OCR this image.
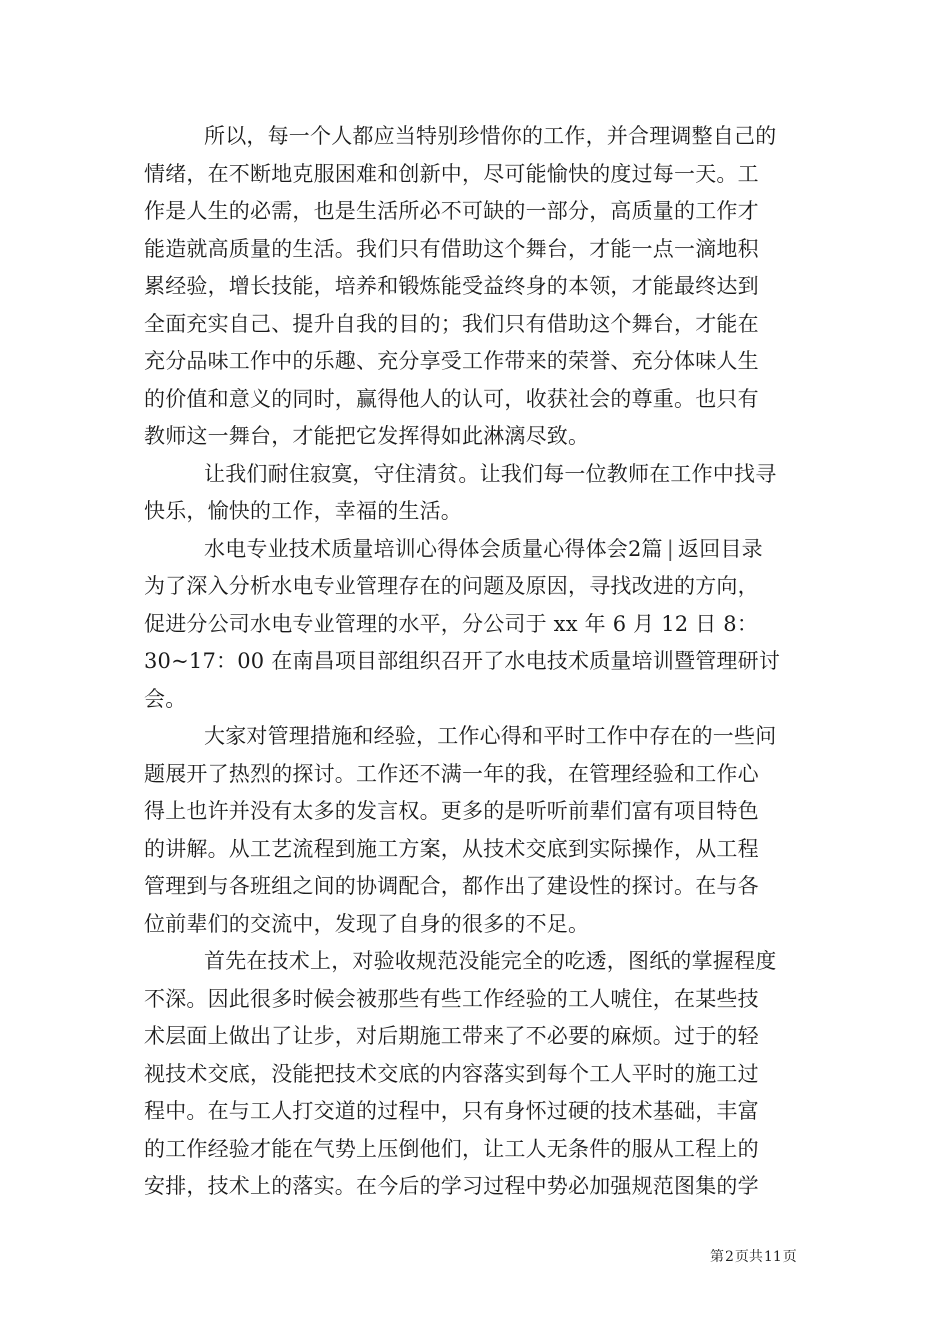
所以，每一个人都应当特别珍惜你的工作，并合理调整自己的
情绪，在不断地克服困难和创新中，尽可能愉快的度过每一天。工
作是人生的必需，也是生活所必不可缺的一部分，高质量的工作才
能造就高质量的生活。我们只有借助这个舞台，才能一点一滴地积
累经验，增长技能，培养和锻炼能受益终身的本领，才能最终达到
全面充实自己、提升自我的目的；我们只有借助这个舞台，才能在
充分品味工作中的乐趣、充分享受工作带来的荣誉、充分体味人生
的价值和意义的同时，赢得他人的认可，收获社会的尊重。也只有
教师这一舞台，才能把它发挥得如此淋漓尽致。
让我们耐住寂寞，守住清贫。让我们每一位教师在工作中找寻
快乐，愉快的工作，幸福的生活。
水电专业技术质量培训心得体会质量心得体会2篇 | 返回目录
为了深入分析水电专业管理存在的问题及原因，寻找改进的方向，
促进分公司水电专业管理的水平，分公司于 xx 年 6 月 12 日 8：
30~17：00 在南昌项目部组织召开了水电技术质量培训暨管理研讨
会。
大家对管理措施和经验，工作心得和平时工作中存在的一些问
题展开了热烈的探讨。工作还不满一年的我，在管理经验和工作心
得上也许并没有太多的发言权。更多的是听听前辈们富有项目特色
的讲解。从工艺流程到施工方案，从技术交底到实际操作，从工程
管理到与各班组之间的协调配合，都作出了建设性的探讨。在与各
位前辈们的交流中，发现了自身的很多的不足。
首先在技术上，对验收规范没能完全的吃透，图纸的掌握程度
不深。因此很多时候会被那些有些工作经验的工人唬住，在某些技
术层面上做出了让步，对后期施工带来了不必要的麻烦。过于的轻
视技术交底，没能把技术交底的内容落实到每个工人平时的施工过
程中。在与工人打交道的过程中，只有身怀过硬的技术基础，丰富
的工作经验才能在气势上压倒他们，让工人无条件的服从工程上的
安排，技术上的落实。在今后的学习过程中势必加强规范图集的学
第2页共11页
